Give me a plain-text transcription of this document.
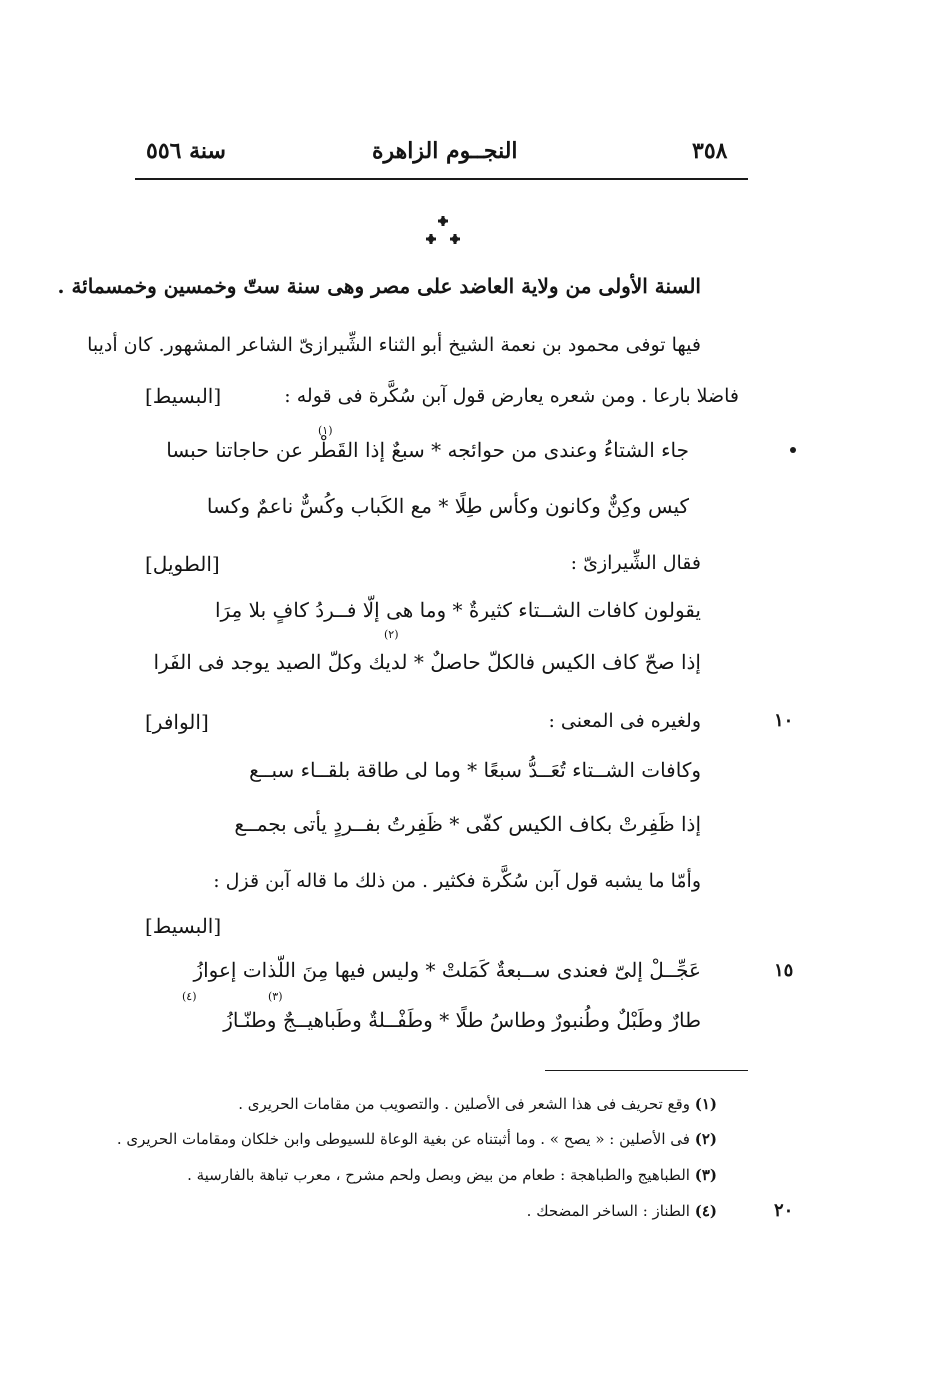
٣٥٨
النجــوم الزاهرة
سنة ٥٥٦
السنة الأولى من ولاية العاضد على مصر وهى سنة ستّ وخمسين وخمسمائة .
فيها توفى محمود بن نعمة الشيخ أبو الثناء الشِّيرازىّ الشاعر المشهور. كان أديبا
فاضلا بارعا . ومن شعره يعارض قول آبن سُكَّرة فى قوله :
[البسيط]
(١)
جاء الشتاءُ وعندى من حوائجه * سبعٌ إذا القَطْر عن حاجاتنا حبسا
كيس وكِنٌّ وكانون وكأس طِلًا * مع الكَباب وكُسٌّ ناعمٌ وكسا
فقال الشِّيرازىّ :
[الطويل]
يقولون كافات الشــتاء كثيرةٌ * وما هى إلّا فــردُ كافٍ بلا مِرَا
(٢)
إذا صحّ كاف الكيس فالكلّ حاصلٌ * لديك وكلّ الصيد يوجد فى الفَرا
١٠
ولغيره فى المعنى :
[الوافر]
وكافات الشــتاء تُعَــدُّ سبعًا * وما لى طاقة بلقــاء سبــع
إذا ظَفِرتْ بكاف الكيس كفّى * ظَفِرتُ بفــردٍ يأتى بجمــع
وأمّا ما يشبه قول آبن سُكَّرة فكثير . من ذلك ما قاله آبن قزل :
[البسيط]
١٥
عَجِّــلْ إلىّ فعندى ســبعةٌ كَمَلتْ * وليس فيها مِنَ اللّذات إعوازُ
(٣)
(٤)
طارٌ وطَبْلٌ وطُنبورٌ وطاسُ طلًا * وطَفْــلةٌ وطَباهيــجٌ وطنّـازُ
(١) وقع تحريف فى هذا الشعر فى الأصلين . والتصويب من مقامات الحريرى .
(٢) فى الأصلين : « يصح » . وما أثبتناه عن بغية الوعاة للسيوطى وابن خلكان ومقامات الحريرى .
(٣) الطباهيج والطباهجة : طعام من بيض وبصل ولحم مشرح ، معرب تباهة بالفارسية .
٢٠
(٤) الطناز : الساخر المضحك .
